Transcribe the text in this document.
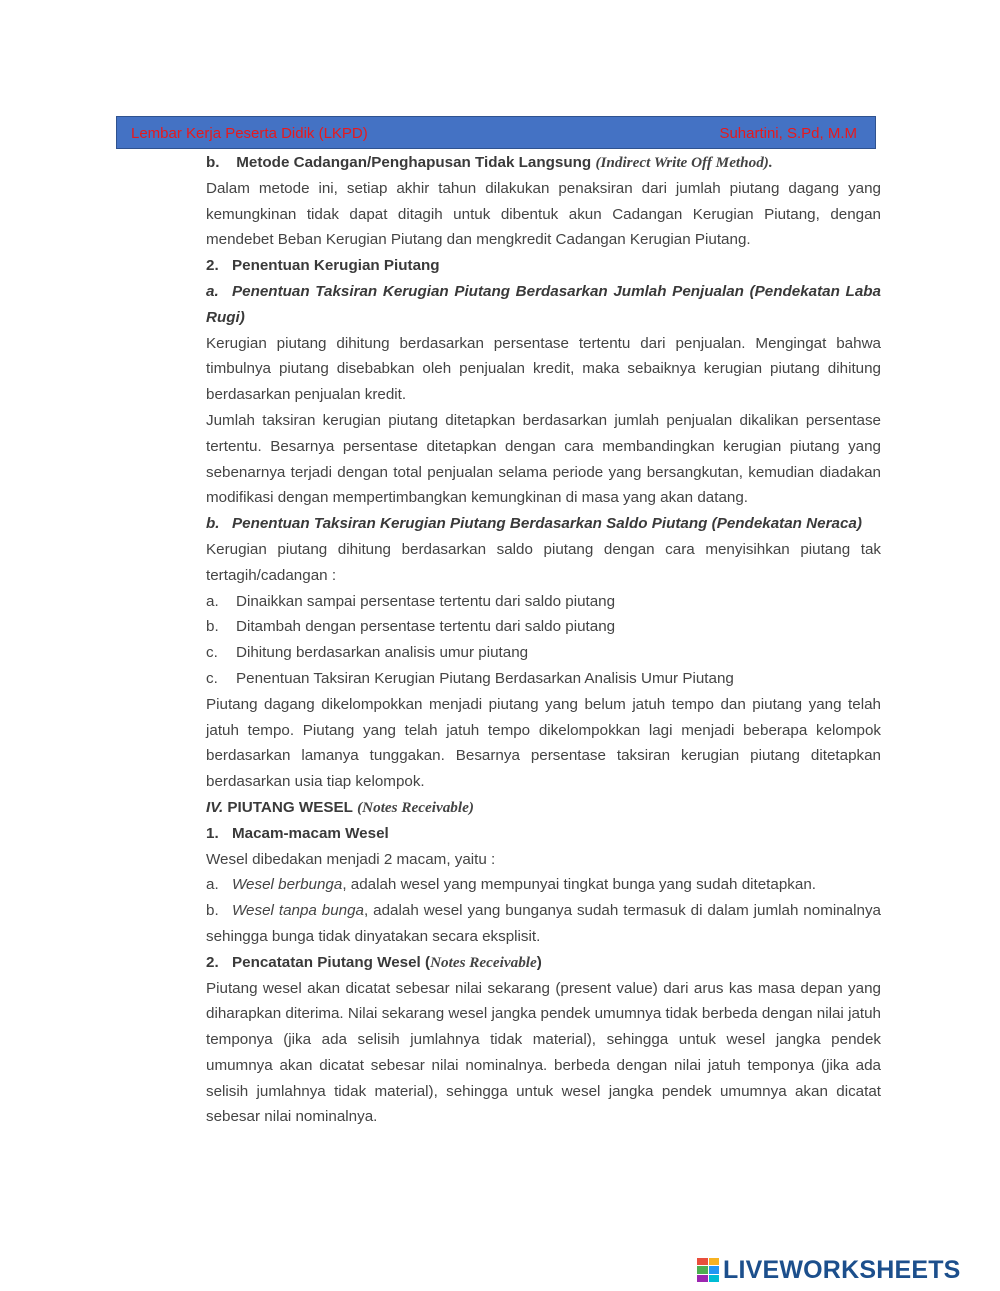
Lembar Kerja Peserta Didik (LKPD)	Suhartini, S.Pd, M.M

b. Metode Cadangan/Penghapusan Tidak Langsung (Indirect Write Off Method).

Dalam metode ini, setiap akhir tahun dilakukan penaksiran dari jumlah piutang dagang yang kemungkinan tidak dapat ditagih untuk dibentuk akun Cadangan Kerugian Piutang, dengan mendebet Beban Kerugian Piutang dan mengkredit Cadangan Kerugian Piutang.

2. Penentuan Kerugian Piutang

a. Penentuan Taksiran Kerugian Piutang Berdasarkan Jumlah Penjualan (Pendekatan Laba Rugi)

Kerugian piutang dihitung berdasarkan persentase tertentu dari penjualan. Mengingat bahwa timbulnya piutang disebabkan oleh penjualan kredit, maka sebaiknya kerugian piutang dihitung berdasarkan penjualan kredit.

Jumlah taksiran kerugian piutang ditetapkan berdasarkan jumlah penjualan dikalikan persentase tertentu. Besarnya persentase ditetapkan dengan cara membandingkan kerugian piutang yang sebenarnya terjadi dengan total penjualan selama periode yang bersangkutan, kemudian diadakan modifikasi dengan mempertimbangkan kemungkinan di masa yang akan datang.

b. Penentuan Taksiran Kerugian Piutang Berdasarkan Saldo Piutang (Pendekatan Neraca)

Kerugian piutang dihitung berdasarkan saldo piutang dengan cara menyisihkan piutang tak tertagih/cadangan :

a.	Dinaikkan sampai persentase tertentu dari saldo piutang
b.	Ditambah dengan persentase tertentu dari saldo piutang
c.	Dihitung berdasarkan analisis umur piutang
c.	Penentuan Taksiran Kerugian Piutang Berdasarkan Analisis Umur Piutang

Piutang dagang dikelompokkan menjadi piutang yang belum jatuh tempo dan piutang yang telah jatuh tempo. Piutang yang telah jatuh tempo dikelompokkan lagi menjadi beberapa kelompok berdasarkan lamanya tunggakan. Besarnya persentase taksiran kerugian piutang ditetapkan berdasarkan usia tiap kelompok.

IV. PIUTANG WESEL (Notes Receivable)

1. Macam-macam Wesel

Wesel dibedakan menjadi 2 macam, yaitu :

a. Wesel berbunga, adalah wesel yang mempunyai tingkat bunga yang sudah ditetapkan.

b. Wesel tanpa bunga, adalah wesel yang bunganya sudah termasuk di dalam jumlah nominalnya sehingga bunga tidak dinyatakan secara eksplisit.

2. Pencatatan Piutang Wesel (Notes Receivable)

Piutang wesel akan dicatat sebesar nilai sekarang (present value) dari arus kas masa depan yang diharapkan diterima. Nilai sekarang wesel jangka pendek umumnya tidak berbeda dengan nilai jatuh temponya (jika ada selisih jumlahnya tidak material), sehingga untuk wesel jangka pendek umumnya akan dicatat sebesar nilai nominalnya. berbeda dengan nilai jatuh temponya (jika ada selisih jumlahnya tidak material), sehingga untuk wesel jangka pendek umumnya akan dicatat sebesar nilai nominalnya.

LIVEWORKSHEETS
